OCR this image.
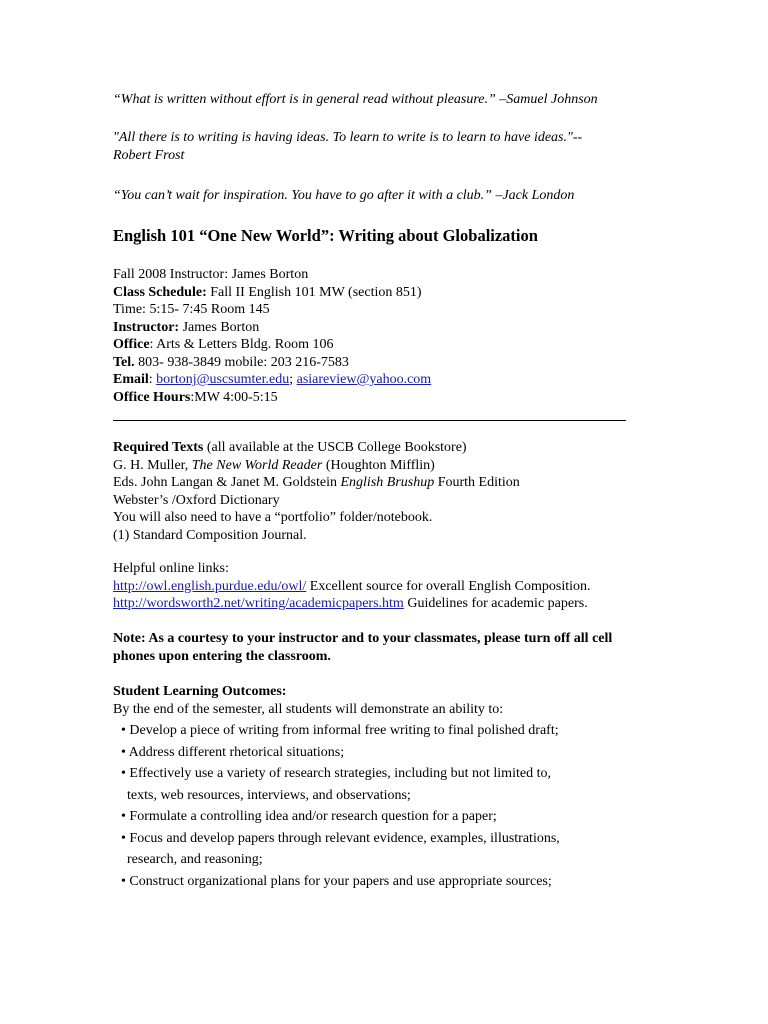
“What is written without effort is in general read without pleasure.” –Samuel Johnson
"All there is to writing is having ideas. To learn to write is to learn to have ideas."--
Robert Frost
“You can’t wait for inspiration. You have to go after it with a club.” –Jack London
English 101 “One New World”: Writing about Globalization
Fall 2008 Instructor: James Borton
Class Schedule: Fall II English 101 MW (section 851)
Time: 5:15- 7:45 Room 145
Instructor: James Borton
Office: Arts & Letters Bldg. Room 106
Tel. 803- 938-3849 mobile: 203 216-7583
Email: bortonj@uscsumter.edu; asiareview@yahoo.com
Office Hours:MW 4:00-5:15
Required Texts (all available at the USCB College Bookstore)
G. H. Muller, The New World Reader (Houghton Mifflin)
Eds. John Langan & Janet M. Goldstein English Brushup Fourth Edition
Webster’s /Oxford Dictionary
You will also need to have a “portfolio” folder/notebook.
(1) Standard Composition Journal.
Helpful online links:
http://owl.english.purdue.edu/owl/ Excellent source for overall English Composition.
http://wordsworth2.net/writing/academicpapers.htm Guidelines for academic papers.
Note: As a courtesy to your instructor and to your classmates, please turn off all cell
phones upon entering the classroom.
Student Learning Outcomes:
By the end of the semester, all students will demonstrate an ability to:
• Develop a piece of writing from informal free writing to final polished draft;
• Address different rhetorical situations;
• Effectively use a variety of research strategies, including but not limited to,
texts, web resources, interviews, and observations;
• Formulate a controlling idea and/or research question for a paper;
• Focus and develop papers through relevant evidence, examples, illustrations,
research, and reasoning;
• Construct organizational plans for your papers and use appropriate sources;
